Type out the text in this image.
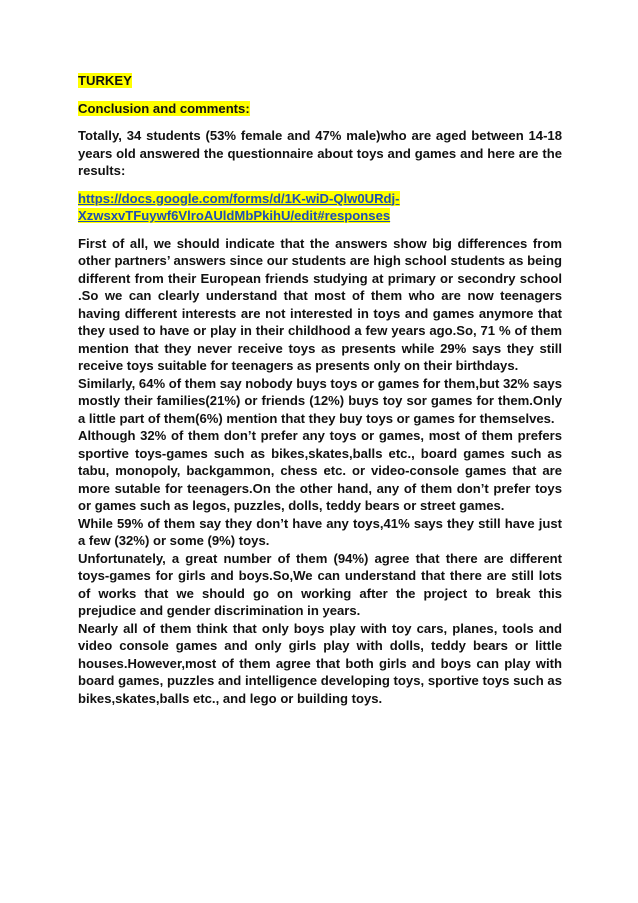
TURKEY

Conclusion and comments:

Totally, 34 students (53% female and 47% male)who are aged between 14-18 years old answered the questionnaire about toys and games and here are the results:

https://docs.google.com/forms/d/1K-wiD-Qlw0URdj-
XzwsxvTFuywf6VlroAUldMbPkihU/edit#responses

First of all, we should indicate that the answers show big differences from other partners’ answers since our students are high school students as being different from their European friends studying at primary or secondry school .So we can clearly understand that most of them who are now teenagers having different interests are not interested in toys and games anymore that they used to have or play in their childhood a few years ago.So, 71 % of them mention that they never receive toys as presents while 29% says they still receive toys suitable for teenagers as presents only on their birthdays.

Similarly, 64% of them say nobody buys toys or games for them,but 32% says mostly their families(21%) or friends (12%) buys toy sor games for them.Only a little part of them(6%) mention that they buy toys or games for themselves.

Although 32% of them don’t prefer any toys or games, most of them prefers sportive toys-games such as bikes,skates,balls etc., board games such as tabu, monopoly, backgammon, chess etc. or video-console games that are more sutable for teenagers.On the other hand, any of them don’t prefer toys or games such as legos, puzzles, dolls, teddy bears or street games.

While 59% of them say they don’t have any toys,41% says they still have just a few (32%) or some (9%) toys.

Unfortunately, a great number of them (94%) agree that there are different toys-games for girls and boys.So,We can understand that there are still lots of works that we should go on working after the project to break this prejudice and gender discrimination in years.

Nearly all of them think that only boys play with toy cars, planes, tools and video console games and only girls play with dolls, teddy bears or little houses.However,most of them agree that both girls and boys can play with board games, puzzles and intelligence developing toys, sportive toys such as bikes,skates,balls etc., and lego or building toys.
